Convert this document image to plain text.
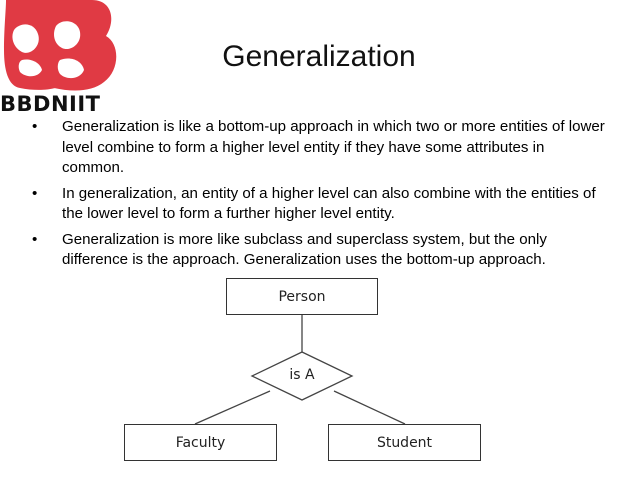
BBDNIIT
Generalization
• Generalization is like a bottom-up approach in which two or more entities of lower level combine to form a higher level entity if they have some attributes in common.
• In generalization, an entity of a higher level can also combine with the entities of the lower level to form a further higher level entity.
• Generalization is more like subclass and superclass system, but the only difference is the approach. Generalization uses the bottom-up approach.
Person
is A
Faculty	Student
